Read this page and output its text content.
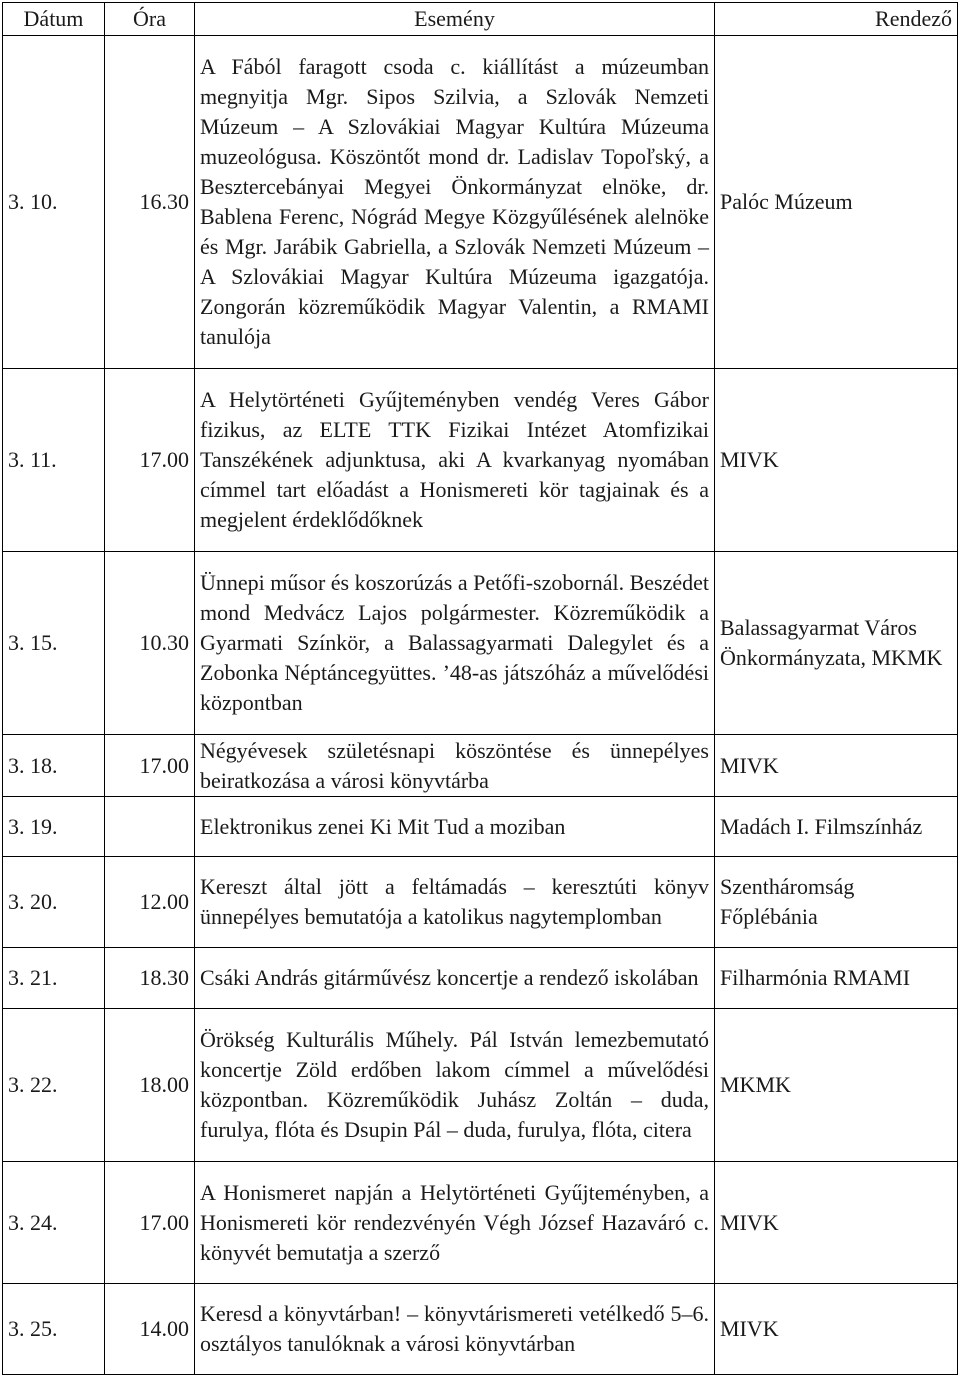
Dátum	Óra	Esemény	Rendező
3. 10.	16.30	A Fából faragott csoda c. kiállítást a múzeumban megnyitja Mgr. Sipos Szilvia, a Szlovák Nemzeti Múzeum – A Szlovákiai Magyar Kultúra Múzeuma muzeológusa. Köszöntőt mond dr. Ladislav Topoľský, a Besztercebányai Megyei Önkormányzat elnöke, dr. Bablena Ferenc, Nógrád Megye Közgyűlésének alelnöke és Mgr. Jarábik Gabriella, a Szlovák Nemzeti Múzeum – A Szlovákiai Magyar Kultúra Múzeuma igazgatója. Zongorán közreműködik Magyar Valentin, a RMAMI tanulója	Palóc Múzeum
3. 11.	17.00	A Helytörténeti Gyűjteményben vendég Veres Gábor fizikus, az ELTE TTK Fizikai Intézet Atomfizikai Tanszékének adjunktusa, aki A kvarkanyag nyomában címmel tart előadást a Honismereti kör tagjainak és a megjelent érdeklődőknek	MIVK
3. 15.	10.30	Ünnepi műsor és koszorúzás a Petőfi-szobornál. Beszédet mond Medvácz Lajos polgármester. Közreműködik a Gyarmati Színkör, a Balassagyarmati Dalegylet és a Zobonka Néptáncegyüttes. ’48-as játszóház a művelődési központban	Balassagyarmat Város Önkormányzata, MKMK
3. 18.	17.00	Négyévesek születésnapi köszöntése és ünnepélyes beiratkozása a városi könyvtárba	MIVK
3. 19.		Elektronikus zenei Ki Mit Tud a moziban	Madách I. Filmszínház
3. 20.	12.00	Kereszt által jött a feltámadás – keresztúti könyv ünnepélyes bemutatója a katolikus nagytemplomban	Szentháromság Főplébánia
3. 21.	18.30	Csáki András gitárművész koncertje a rendező iskolában	Filharmónia RMAMI
3. 22.	18.00	Örökség Kulturális Műhely. Pál István lemezbemutató koncertje Zöld erdőben lakom címmel a művelődési központban. Közreműködik Juhász Zoltán – duda, furulya, flóta és Dsupin Pál – duda, furulya, flóta, citera	MKMK
3. 24.	17.00	A Honismeret napján a Helytörténeti Gyűjteményben, a Honismereti kör rendezvényén Végh József Hazaváró c. könyvét bemutatja a szerző	MIVK
3. 25.	14.00	Keresd a könyvtárban! – könyvtárismereti vetélkedő 5–6. osztályos tanulóknak a városi könyvtárban	MIVK
